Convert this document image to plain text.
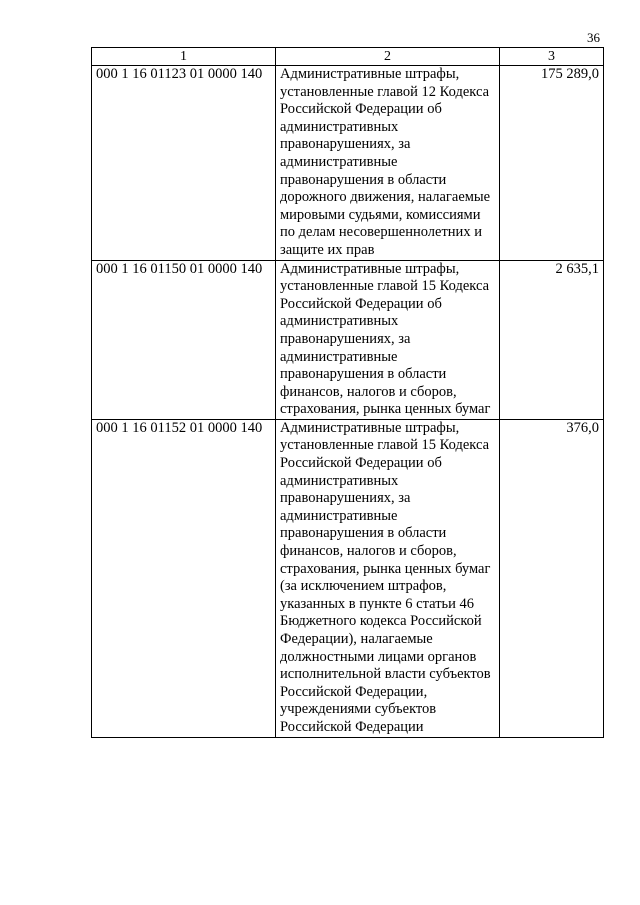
36
1	2	3
000 1 16 01123 01 0000 140	Административные штрафы, установленные главой 12 Кодекса Российской Федерации об административных правонарушениях, за административные правонарушения в области дорожного движения, налагаемые мировыми судьями, комиссиями по делам несовершеннолетних и защите их прав	175 289,0
000 1 16 01150 01 0000 140	Административные штрафы, установленные главой 15 Кодекса Российской Федерации об административных правонарушениях, за административные правонарушения в области финансов, налогов и сборов, страхования, рынка ценных бумаг	2 635,1
000 1 16 01152 01 0000 140	Административные штрафы, установленные главой 15 Кодекса Российской Федерации об административных правонарушениях, за административные правонарушения в области финансов, налогов и сборов, страхования, рынка ценных бумаг (за исключением штрафов, указанных в пункте 6 статьи 46 Бюджетного кодекса Российской Федерации), налагаемые должностными лицами органов исполнительной власти субъектов Российской Федерации, учреждениями субъектов Российской Федерации	376,0
